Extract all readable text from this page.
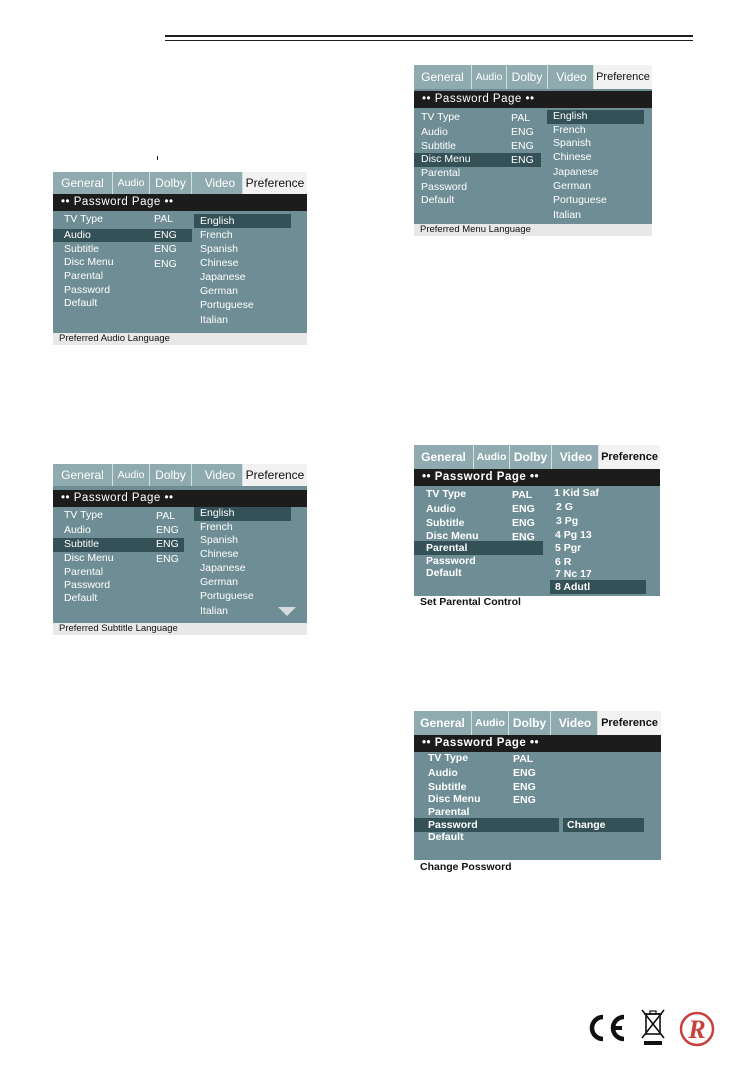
General	Audio Dolby	Video Preference
•• Password Page ••
TV Type	PAL
Audio	ENG
Subtitle	ENG
Disc Menu	ENG
Parental
Password
Default
English
French
Spanish
Chinese
Japanese
German
Portuguese
Italian
Preferred Audio Language
General	Audio Dolby	Video Preference
•• Password Page ••
TV Type	PAL
Audio	ENG
Subtitle	ENG
Disc Menu	ENG
Parental
Password
Default
English
French
Spanish
Chinese
Japanese
German
Portuguese
Italian
Preferred Subtitle Language
General	Audio Dolby	Video Preference
•• Password Page ••
TV Type	PAL
Audio	ENG
Subtitle	ENG
Disc Menu	ENG
Parental
Password
Default
English
French
Spanish
Chinese
Japanese
German
Portuguese
Italian
Preferred Menu Language
General	Audio Dolby	Video Preference
•• Password Page ••
TV Type	PAL
Audio	ENG
Subtitle	ENG
Disc Menu	ENG
Parental
Password
Default
1 Kid Saf
2 G
3 Pg
4 Pg 13
5 Pgr
6 R
7 Nc 17
8 Adutl
Set Parental Control
General Audio Dolby	Video Preference
•• Password Page ••
TV Type	PAL
Audio	ENG
Subtitle	ENG
Disc Menu	ENG
Parental
Password
Default
Change
Change Possword
R
